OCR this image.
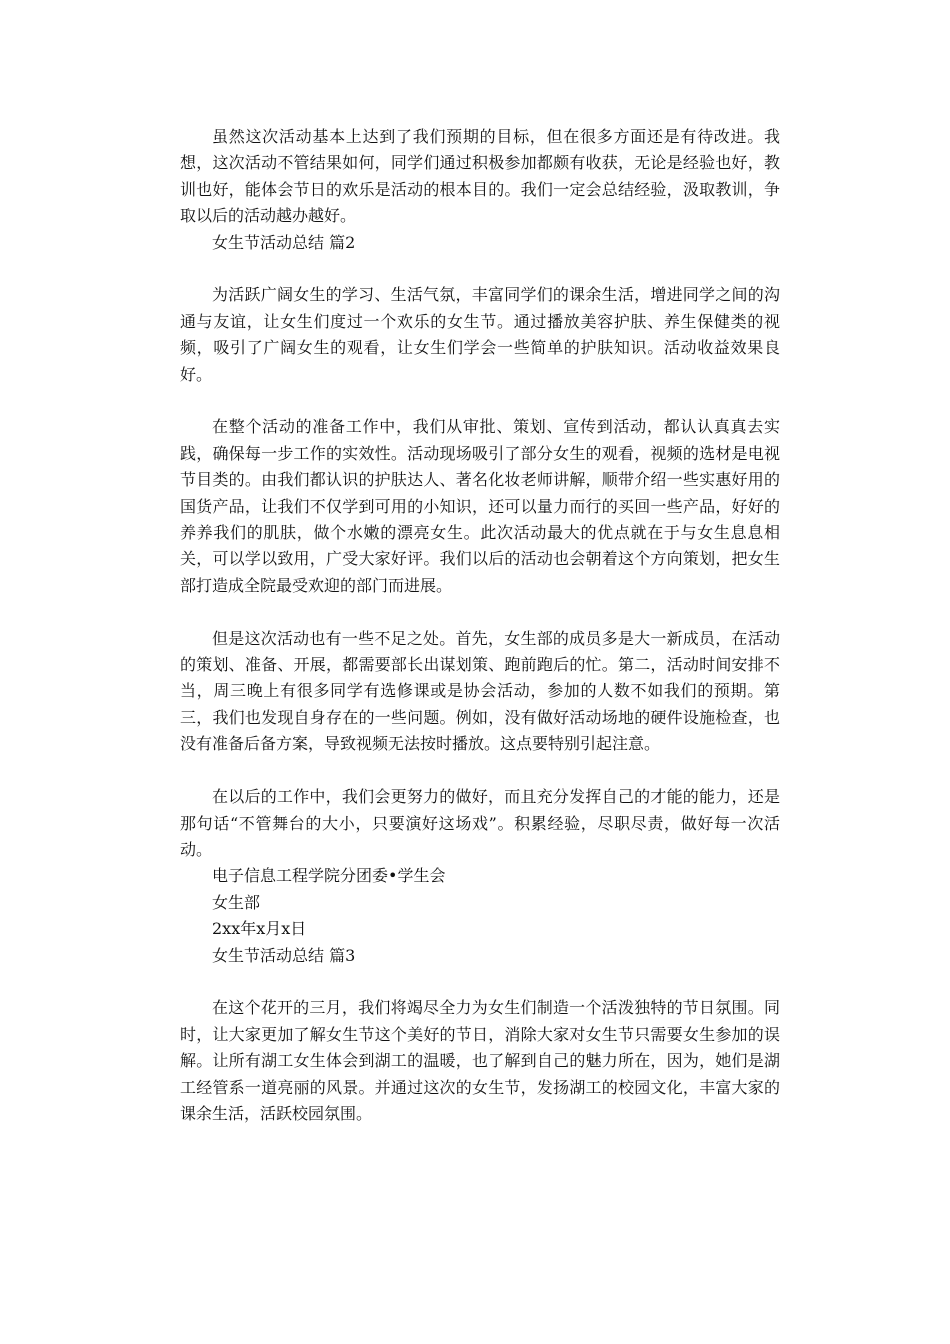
虽然这次活动基本上达到了我们预期的目标，但在很多方面还是有待改进。我想，这次活动不管结果如何，同学们通过积极参加都颇有收获，无论是经验也好，教训也好，能体会节日的欢乐是活动的根本目的。我们一定会总结经验，汲取教训，争取以后的活动越办越好。

女生节活动总结 篇2

为活跃广阔女生的学习、生活气氛，丰富同学们的课余生活，增进同学之间的沟通与友谊，让女生们度过一个欢乐的女生节。通过播放美容护肤、养生保健类的视频，吸引了广阔女生的观看，让女生们学会一些简单的护肤知识。活动收益效果良好。

在整个活动的准备工作中，我们从审批、策划、宣传到活动，都认认真真去实践，确保每一步工作的实效性。活动现场吸引了部分女生的观看，视频的选材是电视节目类的。由我们都认识的护肤达人、著名化妆老师讲解，顺带介绍一些实惠好用的国货产品，让我们不仅学到可用的小知识，还可以量力而行的买回一些产品，好好的养养我们的肌肤，做个水嫩的漂亮女生。此次活动最大的优点就在于与女生息息相关，可以学以致用，广受大家好评。我们以后的活动也会朝着这个方向策划，把女生部打造成全院最受欢迎的部门而进展。

但是这次活动也有一些不足之处。首先，女生部的成员多是大一新成员，在活动的策划、准备、开展，都需要部长出谋划策、跑前跑后的忙。第二，活动时间安排不当，周三晚上有很多同学有选修课或是协会活动，参加的人数不如我们的预期。第三，我们也发现自身存在的一些问题。例如，没有做好活动场地的硬件设施检查，也没有准备后备方案，导致视频无法按时播放。这点要特别引起注意。

在以后的工作中，我们会更努力的做好，而且充分发挥自己的才能的能力，还是那句话“不管舞台的大小，只要演好这场戏”。积累经验，尽职尽责，做好每一次活动。

电子信息工程学院分团委•学生会

女生部

2xx年x月x日

女生节活动总结 篇3

在这个花开的三月，我们将竭尽全力为女生们制造一个活泼独特的节日氛围。同时，让大家更加了解女生节这个美好的节日，消除大家对女生节只需要女生参加的误解。让所有湖工女生体会到湖工的温暖，也了解到自己的魅力所在，因为，她们是湖工经管系一道亮丽的风景。并通过这次的女生节，发扬湖工的校园文化，丰富大家的课余生活，活跃校园氛围。
